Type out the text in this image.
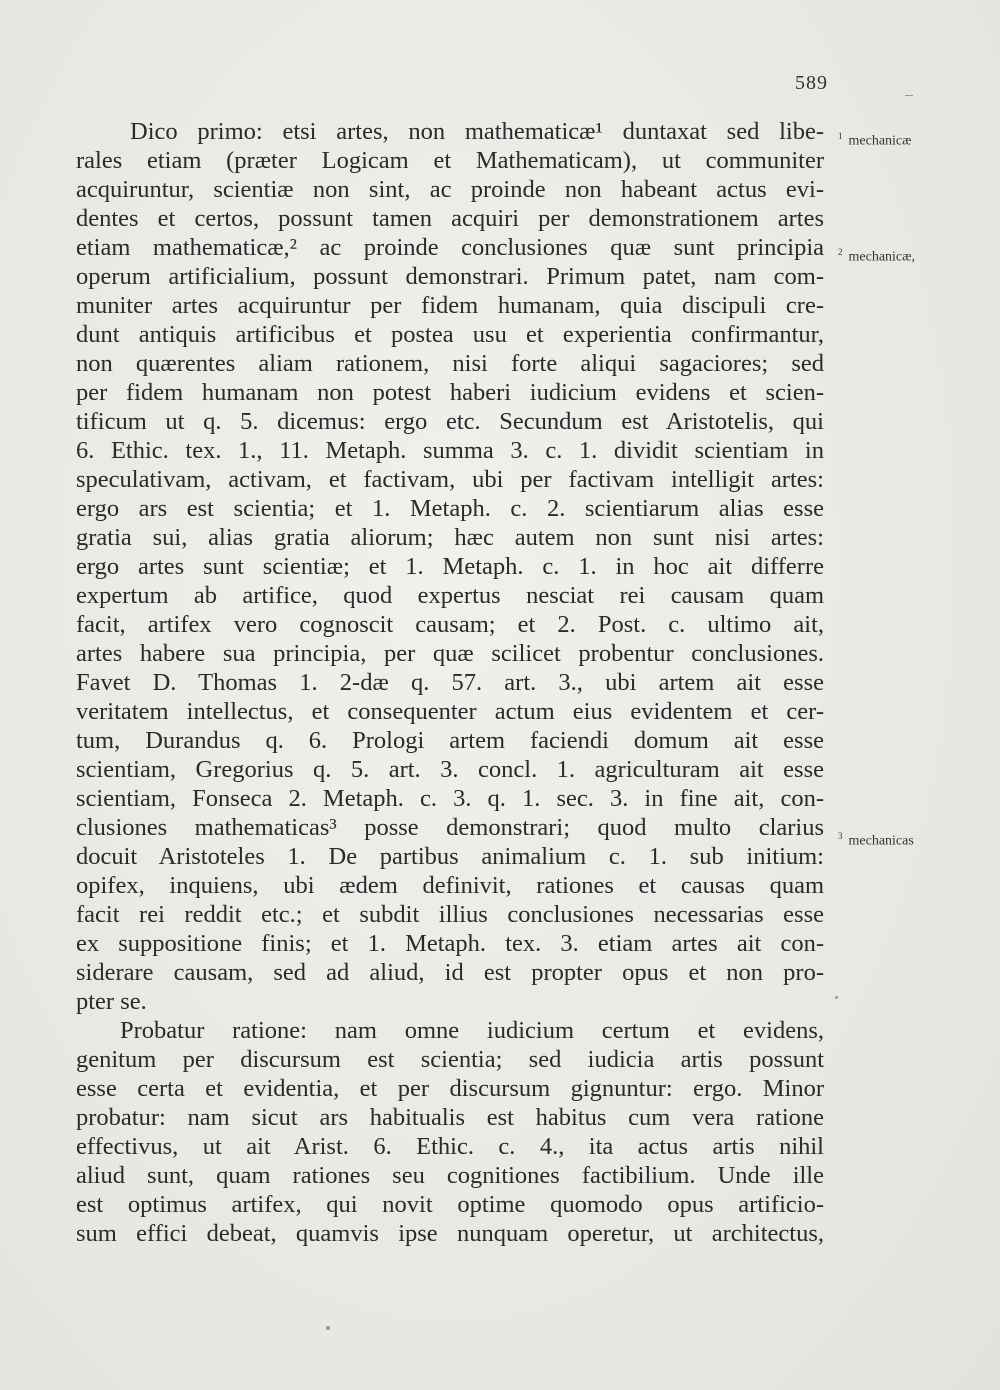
589
Dico primo: etsi artes, non mathematicæ¹ duntaxat sed libe-
rales etiam (præter Logicam et Mathematicam), ut communiter
acquiruntur, scientiæ non sint, ac proinde non habeant actus evi-
dentes et certos, possunt tamen acquiri per demonstrationem artes
etiam mathematicæ,² ac proinde conclusiones quæ sunt principia
operum artificialium, possunt demonstrari. Primum patet, nam com-
muniter artes acquiruntur per fidem humanam, quia discipuli cre-
dunt antiquis artificibus et postea usu et experientia confirmantur,
non quærentes aliam rationem, nisi forte aliqui sagaciores; sed
per fidem humanam non potest haberi iudicium evidens et scien-
tificum ut q. 5. dicemus: ergo etc. Secundum est Aristotelis, qui
6. Ethic. tex. 1., 11. Metaph. summa 3. c. 1. dividit scientiam in
speculativam, activam, et factivam, ubi per factivam intelligit artes:
ergo ars est scientia; et 1. Metaph. c. 2. scientiarum alias esse
gratia sui, alias gratia aliorum; hæc autem non sunt nisi artes:
ergo artes sunt scientiæ; et 1. Metaph. c. 1. in hoc ait differre
expertum ab artifice, quod expertus nesciat rei causam quam
facit, artifex vero cognoscit causam; et 2. Post. c. ultimo ait,
artes habere sua principia, per quæ scilicet probentur conclusiones.
Favet D. Thomas 1. 2-dæ q. 57. art. 3., ubi artem ait esse
veritatem intellectus, et consequenter actum eius evidentem et cer-
tum, Durandus q. 6. Prologi artem faciendi domum ait esse
scientiam, Gregorius q. 5. art. 3. concl. 1. agriculturam ait esse
scientiam, Fonseca 2. Metaph. c. 3. q. 1. sec. 3. in fine ait, con-
clusiones mathematicas³ posse demonstrari; quod multo clarius
docuit Aristoteles 1. De partibus animalium c. 1. sub initium:
opifex, inquiens, ubi ædem definivit, rationes et causas quam
facit rei reddit etc.; et subdit illius conclusiones necessarias esse
ex suppositione finis; et 1. Metaph. tex. 3. etiam artes ait con-
siderare causam, sed ad aliud, id est propter opus et non pro-
pter se.
Probatur ratione: nam omne iudicium certum et evidens,
genitum per discursum est scientia; sed iudicia artis possunt
esse certa et evidentia, et per discursum gignuntur: ergo. Minor
probatur: nam sicut ars habitualis est habitus cum vera ratione
effectivus, ut ait Arist. 6. Ethic. c. 4., ita actus artis nihil
aliud sunt, quam rationes seu cognitiones factibilium. Unde ille
est optimus artifex, qui novit optime quomodo opus artificio-
sum effici debeat, quamvis ipse nunquam operetur, ut architectus,
$^1$ mechanicæ
$^2$ mechanicæ,
$^3$ mechanicas
